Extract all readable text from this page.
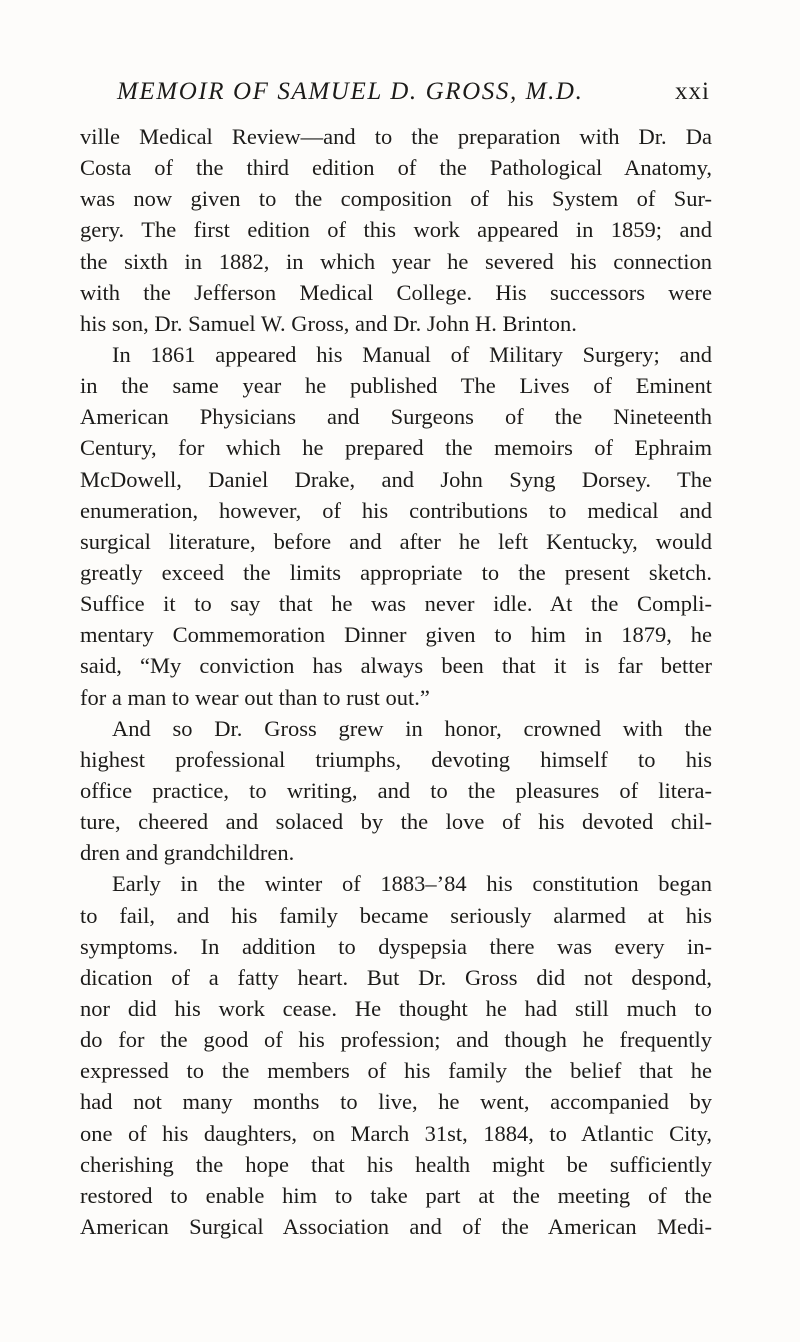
MEMOIR OF SAMUEL D. GROSS, M.D.	xxi
ville Medical Review—and to the preparation with Dr. Da
Costa of the third edition of the Pathological Anatomy,
was now given to the composition of his System of Sur-
gery. The first edition of this work appeared in 1859; and
the sixth in 1882, in which year he severed his connection
with the Jefferson Medical College. His successors were
his son, Dr. Samuel W. Gross, and Dr. John H. Brinton.
In 1861 appeared his Manual of Military Surgery; and
in the same year he published The Lives of Eminent
American Physicians and Surgeons of the Nineteenth
Century, for which he prepared the memoirs of Ephraim
McDowell, Daniel Drake, and John Syng Dorsey. The
enumeration, however, of his contributions to medical and
surgical literature, before and after he left Kentucky, would
greatly exceed the limits appropriate to the present sketch.
Suffice it to say that he was never idle. At the Compli-
mentary Commemoration Dinner given to him in 1879, he
said, “My conviction has always been that it is far better
for a man to wear out than to rust out.”
And so Dr. Gross grew in honor, crowned with the
highest professional triumphs, devoting himself to his
office practice, to writing, and to the pleasures of litera-
ture, cheered and solaced by the love of his devoted chil-
dren and grandchildren.
Early in the winter of 1883–’84 his constitution began
to fail, and his family became seriously alarmed at his
symptoms. In addition to dyspepsia there was every in-
dication of a fatty heart. But Dr. Gross did not despond,
nor did his work cease. He thought he had still much to
do for the good of his profession; and though he frequently
expressed to the members of his family the belief that he
had not many months to live, he went, accompanied by
one of his daughters, on March 31st, 1884, to Atlantic City,
cherishing the hope that his health might be sufficiently
restored to enable him to take part at the meeting of the
American Surgical Association and of the American Medi-
